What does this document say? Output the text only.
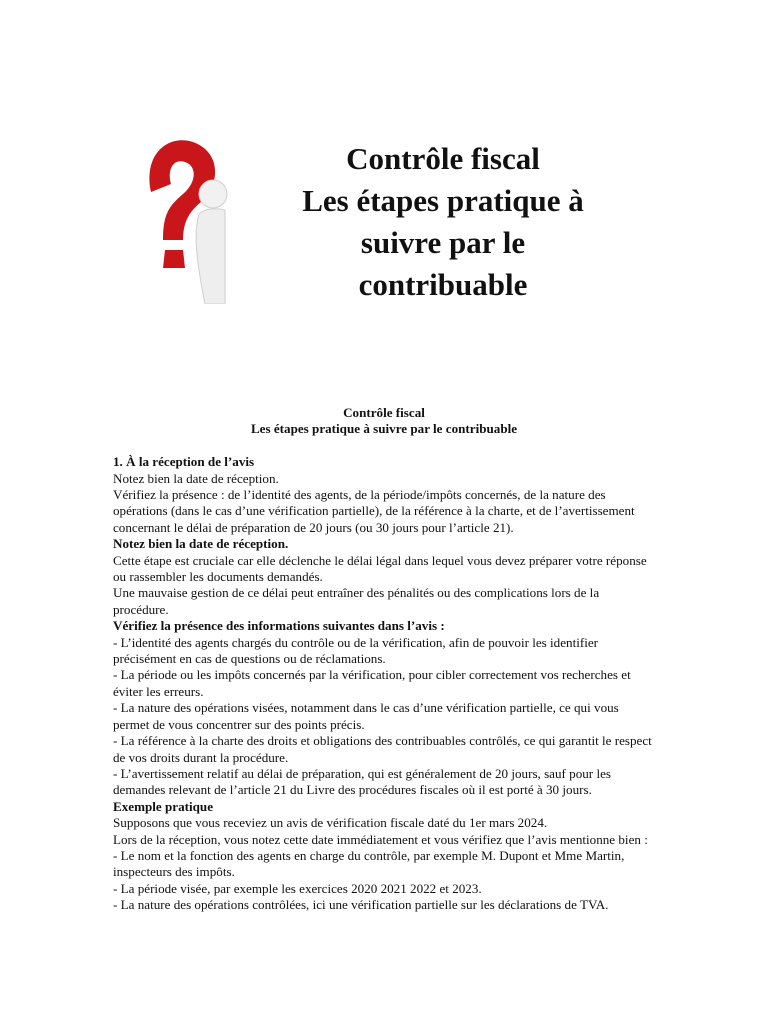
Contrôle fiscal
Les étapes pratique à
suivre par le
contribuable

Contrôle fiscal

Les étapes pratique à suivre par le contribuable

1. À la réception de l’avis

Notez bien la date de réception.

Vérifiez la présence : de l’identité des agents, de la période/impôts concernés, de la nature des opérations (dans le cas d’une vérification partielle), de la référence à la charte, et de l’avertissement concernant le délai de préparation de 20 jours (ou 30 jours pour l’article 21).

Notez bien la date de réception.

Cette étape est cruciale car elle déclenche le délai légal dans lequel vous devez préparer votre réponse ou rassembler les documents demandés.

Une mauvaise gestion de ce délai peut entraîner des pénalités ou des complications lors de la procédure.

Vérifiez la présence des informations suivantes dans l’avis :

- L’identité des agents chargés du contrôle ou de la vérification, afin de pouvoir les identifier précisément en cas de questions ou de réclamations.

- La période ou les impôts concernés par la vérification, pour cibler correctement vos recherches et éviter les erreurs.

- La nature des opérations visées, notamment dans le cas d’une vérification partielle, ce qui vous permet de vous concentrer sur des points précis.

- La référence à la charte des droits et obligations des contribuables contrôlés, ce qui garantit le respect de vos droits durant la procédure.

- L’avertissement relatif au délai de préparation, qui est généralement de 20 jours, sauf pour les demandes relevant de l’article 21 du Livre des procédures fiscales où il est porté à 30 jours.

Exemple pratique

Supposons que vous receviez un avis de vérification fiscale daté du 1er mars 2024.

Lors de la réception, vous notez cette date immédiatement et vous vérifiez que l’avis mentionne bien :

- Le nom et la fonction des agents en charge du contrôle, par exemple M. Dupont et Mme Martin, inspecteurs des impôts.

- La période visée, par exemple les exercices 2020 2021 2022 et 2023.

- La nature des opérations contrôlées, ici une vérification partielle sur les déclarations de TVA.
